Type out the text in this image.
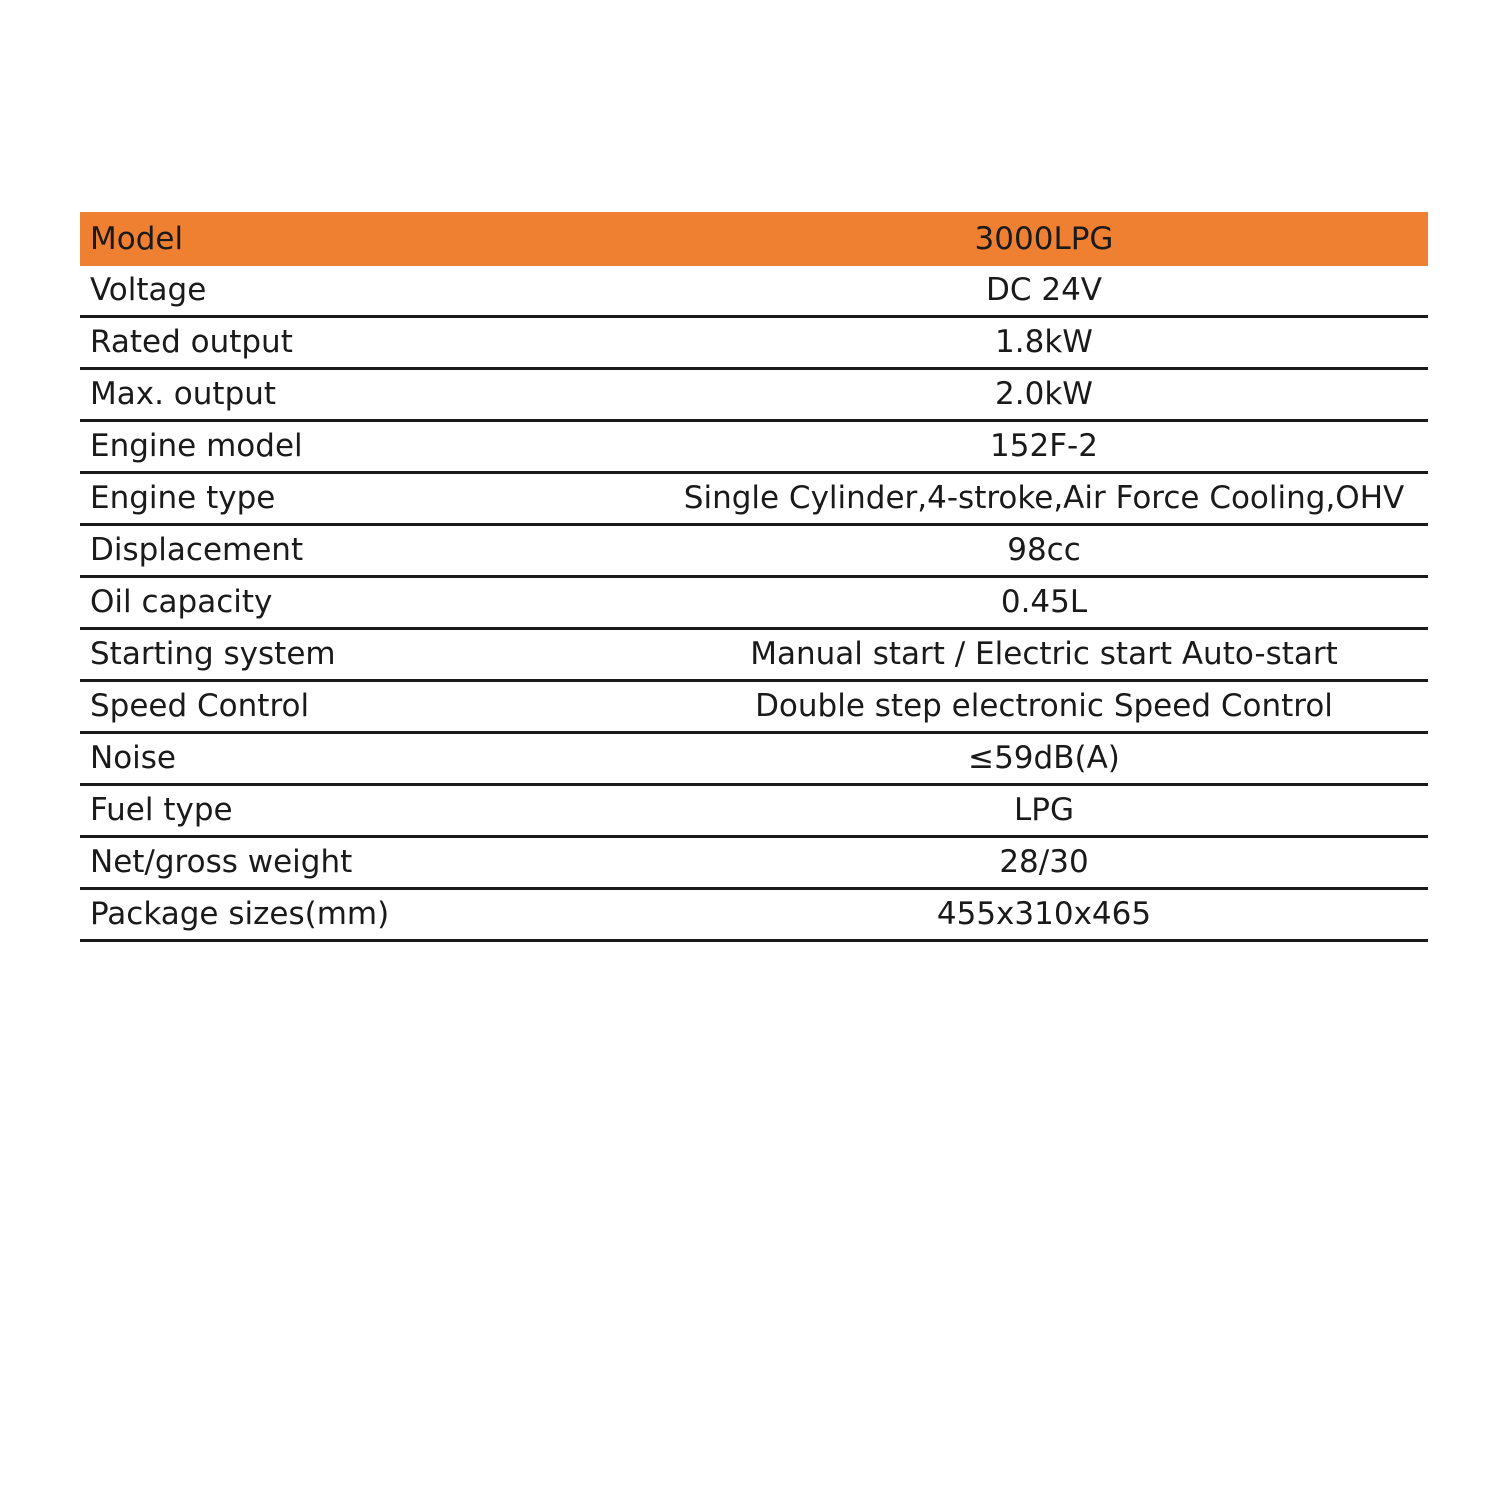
Model	3000LPG
Voltage	DC 24V
Rated output	1.8kW
Max. output	2.0kW
Engine model	152F-2
Engine type	Single Cylinder,4-stroke,Air Force Cooling,OHV
Displacement	98cc
Oil capacity	0.45L
Starting system	Manual start / Electric start Auto-start
Speed Control	Double step electronic Speed Control
Noise	≤59dB(A)
Fuel type	LPG
Net/gross weight	28/30
Package sizes(mm)	455x310x465
